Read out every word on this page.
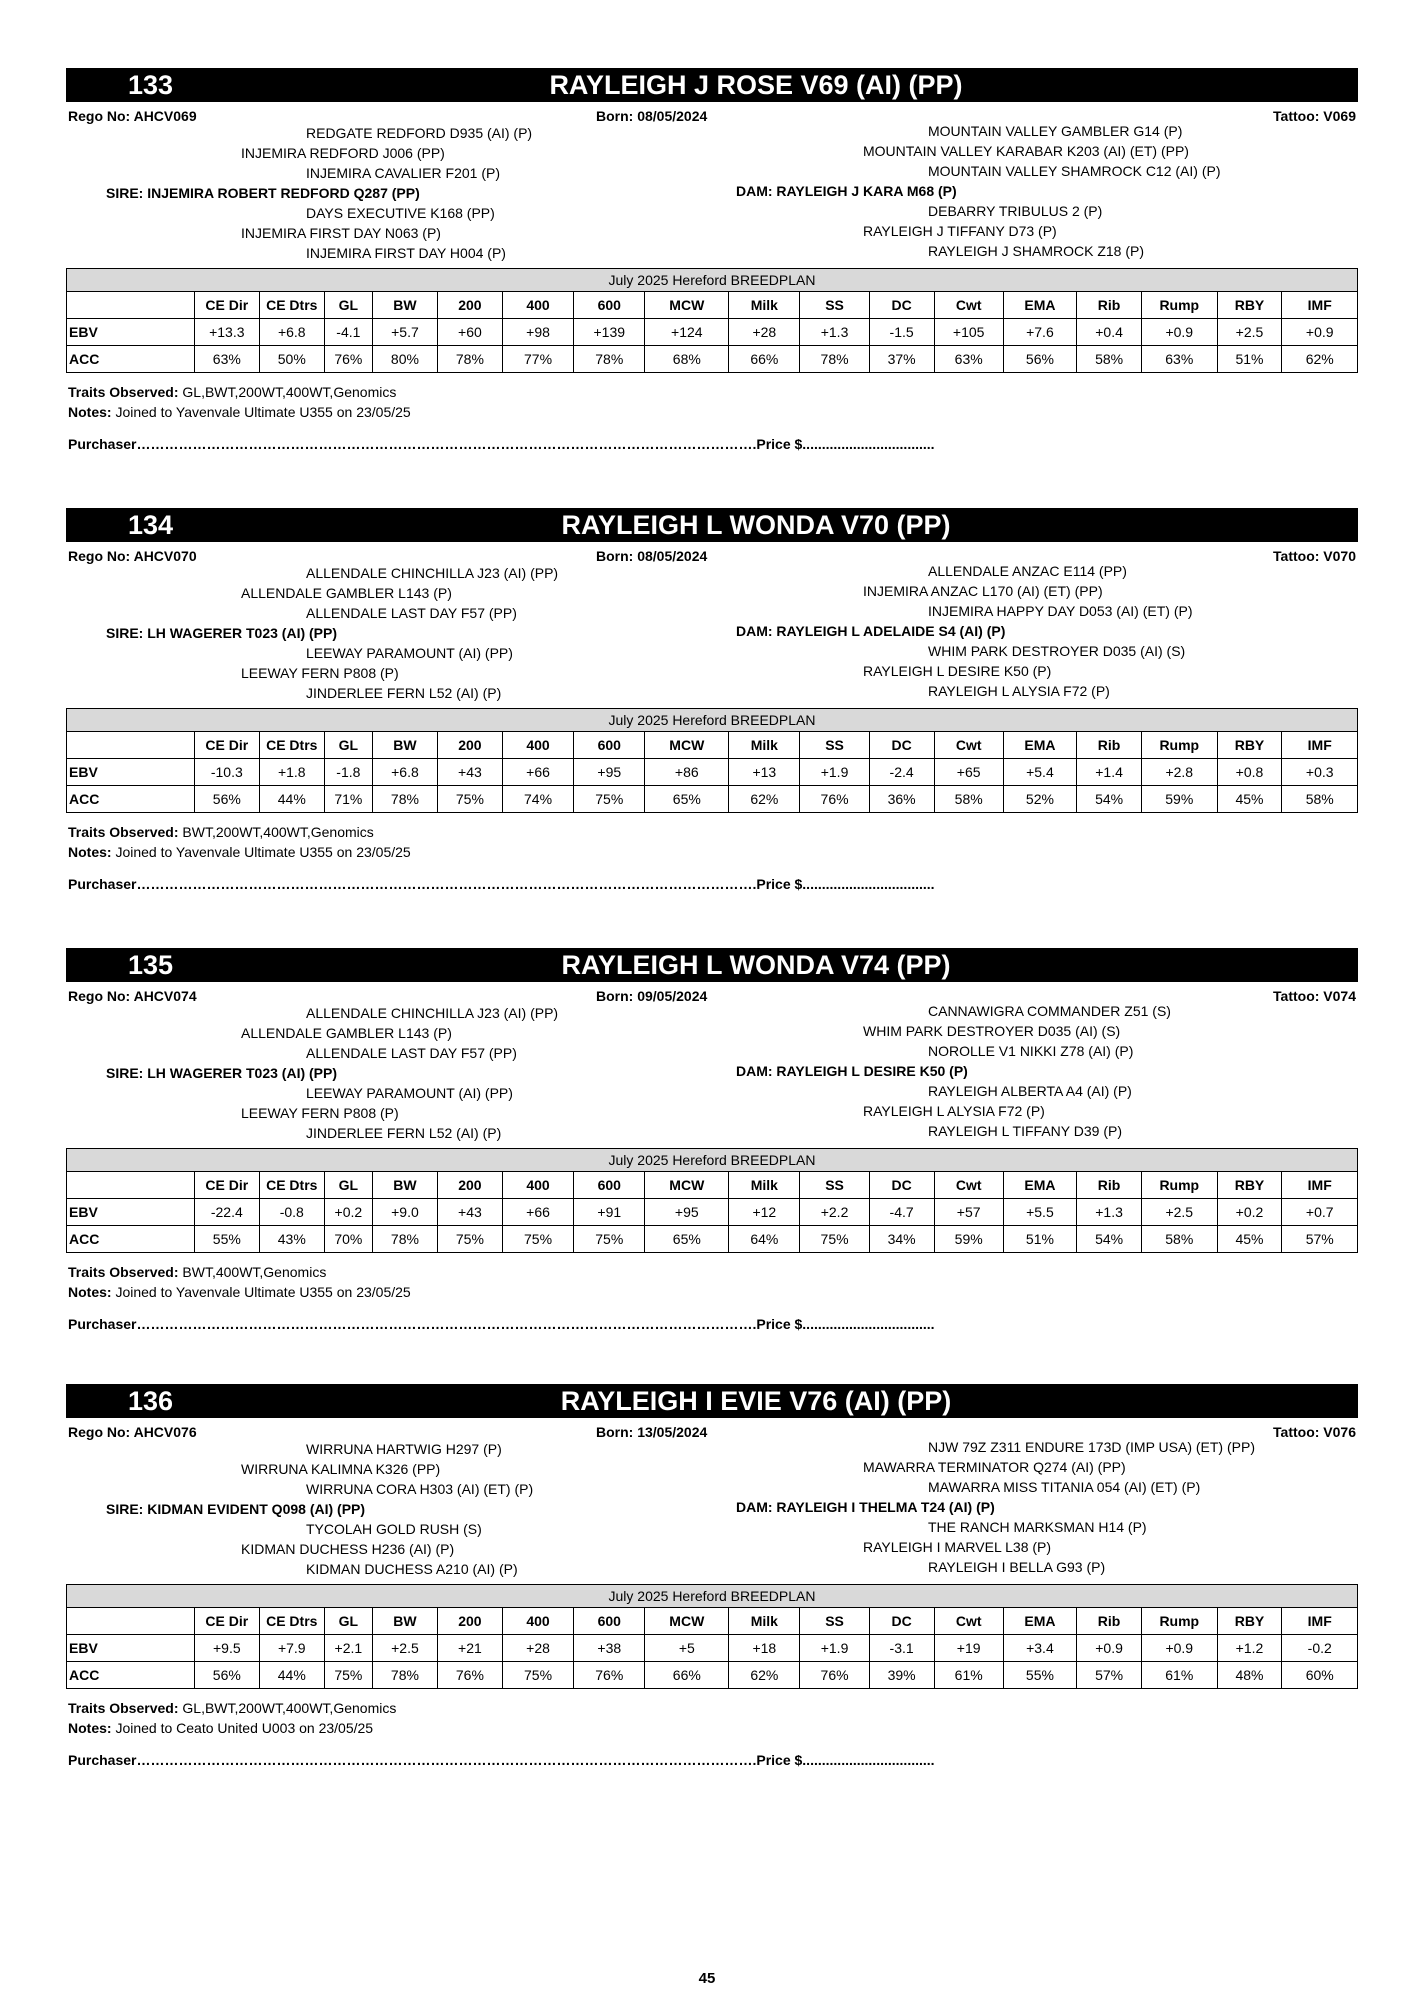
133	RAYLEIGH J ROSE V69 (AI) (PP)
Rego No: AHCV069	Born: 08/05/2024	Tattoo: V069
REDGATE REDFORD D935 (AI) (P)
INJEMIRA REDFORD J006 (PP)
INJEMIRA CAVALIER F201 (P)
SIRE: INJEMIRA ROBERT REDFORD Q287 (PP)
DAYS EXECUTIVE K168 (PP)
INJEMIRA FIRST DAY N063 (P)
INJEMIRA FIRST DAY H004 (P)
MOUNTAIN VALLEY GAMBLER G14 (P)
MOUNTAIN VALLEY KARABAR K203 (AI) (ET) (PP)
MOUNTAIN VALLEY SHAMROCK C12 (AI) (P)
DAM: RAYLEIGH J KARA M68 (P)
DEBARRY TRIBULUS 2 (P)
RAYLEIGH J TIFFANY D73 (P)
RAYLEIGH J SHAMROCK Z18 (P)
July 2025 Hereford BREEDPLAN																	
	CE Dir	CE Dtrs	GL	BW	200	400	600	MCW	Milk	SS	DC	Cwt	EMA	Rib	Rump	RBY	IMF
EBV	+13.3	+6.8	-4.1	+5.7	+60	+98	+139	+124	+28	+1.3	-1.5	+105	+7.6	+0.4	+0.9	+2.5	+0.9
ACC	63%	50%	76%	80%	78%	77%	78%	68%	66%	78%	37%	63%	56%	58%	63%	51%	62%
Traits Observed: GL,BWT,200WT,400WT,Genomics
Notes: Joined to Yavenvale Ultimate U355 on 23/05/25
Purchaser…………………………………………………………………………………………………………………….Price $..................................
134	RAYLEIGH L WONDA V70 (PP)
Rego No: AHCV070	Born: 08/05/2024	Tattoo: V070
ALLENDALE CHINCHILLA J23 (AI) (PP)
ALLENDALE GAMBLER L143 (P)
ALLENDALE LAST DAY F57 (PP)
SIRE: LH WAGERER T023 (AI) (PP)
LEEWAY PARAMOUNT (AI) (PP)
LEEWAY FERN P808 (P)
JINDERLEE FERN L52 (AI) (P)
ALLENDALE ANZAC E114 (PP)
INJEMIRA ANZAC L170 (AI) (ET) (PP)
INJEMIRA HAPPY DAY D053 (AI) (ET) (P)
DAM: RAYLEIGH L ADELAIDE S4 (AI) (P)
WHIM PARK DESTROYER D035 (AI) (S)
RAYLEIGH L DESIRE K50 (P)
RAYLEIGH L ALYSIA F72 (P)
July 2025 Hereford BREEDPLAN																	
	CE Dir	CE Dtrs	GL	BW	200	400	600	MCW	Milk	SS	DC	Cwt	EMA	Rib	Rump	RBY	IMF
EBV	-10.3	+1.8	-1.8	+6.8	+43	+66	+95	+86	+13	+1.9	-2.4	+65	+5.4	+1.4	+2.8	+0.8	+0.3
ACC	56%	44%	71%	78%	75%	74%	75%	65%	62%	76%	36%	58%	52%	54%	59%	45%	58%
Traits Observed: BWT,200WT,400WT,Genomics
Notes: Joined to Yavenvale Ultimate U355 on 23/05/25
Purchaser…………………………………………………………………………………………………………………….Price $..................................
135	RAYLEIGH L WONDA V74 (PP)
Rego No: AHCV074	Born: 09/05/2024	Tattoo: V074
ALLENDALE CHINCHILLA J23 (AI) (PP)
ALLENDALE GAMBLER L143 (P)
ALLENDALE LAST DAY F57 (PP)
SIRE: LH WAGERER T023 (AI) (PP)
LEEWAY PARAMOUNT (AI) (PP)
LEEWAY FERN P808 (P)
JINDERLEE FERN L52 (AI) (P)
CANNAWIGRA COMMANDER Z51 (S)
WHIM PARK DESTROYER D035 (AI) (S)
NOROLLE V1 NIKKI Z78 (AI) (P)
DAM: RAYLEIGH L DESIRE K50 (P)
RAYLEIGH ALBERTA A4 (AI) (P)
RAYLEIGH L ALYSIA F72 (P)
RAYLEIGH L TIFFANY D39 (P)
July 2025 Hereford BREEDPLAN																	
	CE Dir	CE Dtrs	GL	BW	200	400	600	MCW	Milk	SS	DC	Cwt	EMA	Rib	Rump	RBY	IMF
EBV	-22.4	-0.8	+0.2	+9.0	+43	+66	+91	+95	+12	+2.2	-4.7	+57	+5.5	+1.3	+2.5	+0.2	+0.7
ACC	55%	43%	70%	78%	75%	75%	75%	65%	64%	75%	34%	59%	51%	54%	58%	45%	57%
Traits Observed: BWT,400WT,Genomics
Notes: Joined to Yavenvale Ultimate U355 on 23/05/25
Purchaser…………………………………………………………………………………………………………………….Price $..................................
136	RAYLEIGH I EVIE V76 (AI) (PP)
Rego No: AHCV076	Born: 13/05/2024	Tattoo: V076
WIRRUNA HARTWIG H297 (P)
WIRRUNA KALIMNA K326 (PP)
WIRRUNA CORA H303 (AI) (ET) (P)
SIRE: KIDMAN EVIDENT Q098 (AI) (PP)
TYCOLAH GOLD RUSH (S)
KIDMAN DUCHESS H236 (AI) (P)
KIDMAN DUCHESS A210 (AI) (P)
NJW 79Z Z311 ENDURE 173D (IMP USA) (ET) (PP)
MAWARRA TERMINATOR Q274 (AI) (PP)
MAWARRA MISS TITANIA 054 (AI) (ET) (P)
DAM: RAYLEIGH I THELMA T24 (AI) (P)
THE RANCH MARKSMAN H14 (P)
RAYLEIGH I MARVEL L38 (P)
RAYLEIGH I BELLA G93 (P)
July 2025 Hereford BREEDPLAN																	
	CE Dir	CE Dtrs	GL	BW	200	400	600	MCW	Milk	SS	DC	Cwt	EMA	Rib	Rump	RBY	IMF
EBV	+9.5	+7.9	+2.1	+2.5	+21	+28	+38	+5	+18	+1.9	-3.1	+19	+3.4	+0.9	+0.9	+1.2	-0.2
ACC	56%	44%	75%	78%	76%	75%	76%	66%	62%	76%	39%	61%	55%	57%	61%	48%	60%
Traits Observed: GL,BWT,200WT,400WT,Genomics
Notes: Joined to Ceato United U003 on 23/05/25
Purchaser…………………………………………………………………………………………………………………….Price $..................................
45
